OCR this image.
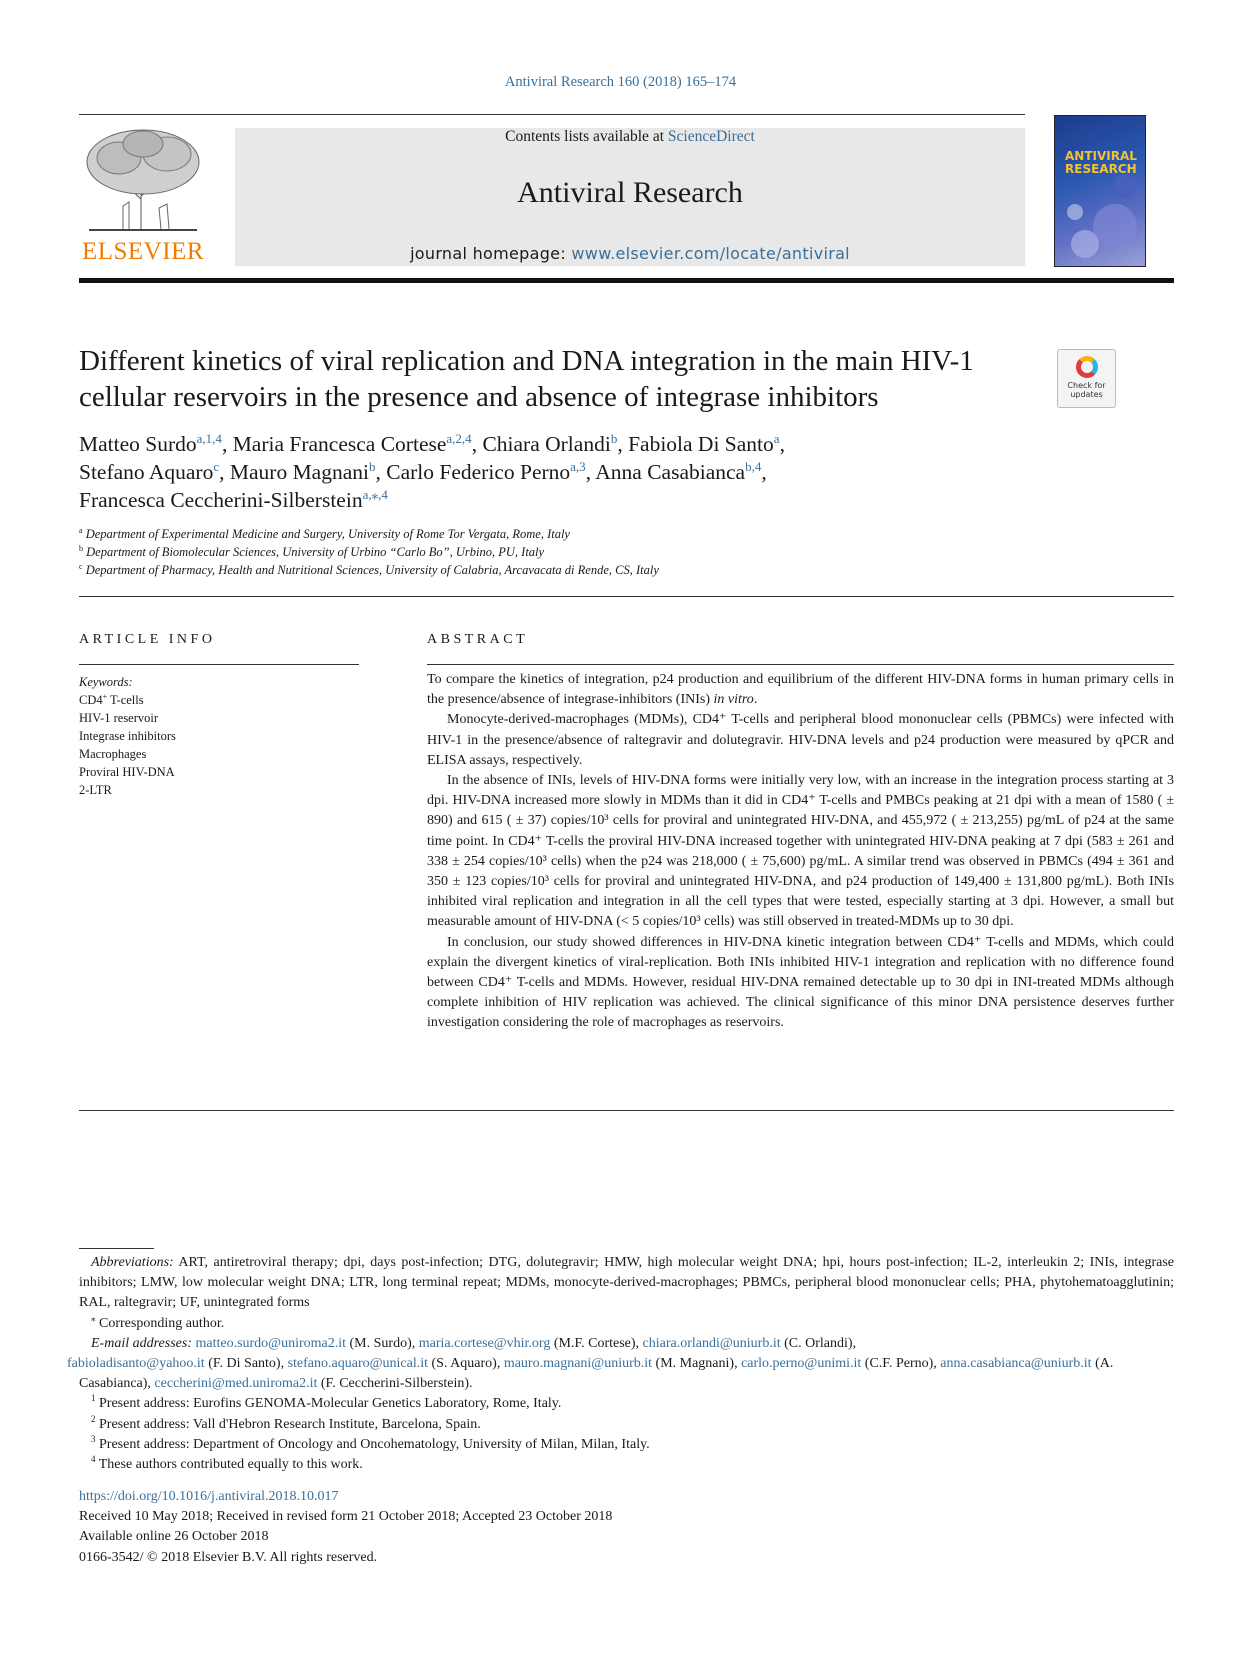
Antiviral Research 160 (2018) 165–174
ELSEVIER
Contents lists available at ScienceDirect
Antiviral Research
journal homepage: www.elsevier.com/locate/antiviral
ANTIVIRAL
RESEARCH
Different kinetics of viral replication and DNA integration in the main HIV-1 cellular reservoirs in the presence and absence of integrase inhibitors	Check for
updates
Matteo Surdo$^{a,1,4}$, Maria Francesca Cortese$^{a,2,4}$, Chiara Orlandi$^b$, Fabiola Di Santo$^a$,
Stefano Aquaro$^c$, Mauro Magnani$^b$, Carlo Federico Perno$^{a,3}$, Anna Casabianca$^{b,4}$,
Francesca Ceccherini-Silberstein$^{a,⁎,4}$
$^a$ Department of Experimental Medicine and Surgery, University of Rome Tor Vergata, Rome, Italy
$^b$ Department of Biomolecular Sciences, University of Urbino “Carlo Bo”, Urbino, PU, Italy
$^c$ Department of Pharmacy, Health and Nutritional Sciences, University of Calabria, Arcavacata di Rende, CS, Italy
ARTICLE INFO
Keywords:
CD4+ T-cells
HIV-1 reservoir
Integrase inhibitors
Macrophages
Proviral HIV-DNA
2-LTR
ABSTRACT

To compare the kinetics of integration, p24 production and equilibrium of the different HIV-DNA forms in human primary cells in the presence/absence of integrase-inhibitors (INIs) in vitro.

Monocyte-derived-macrophages (MDMs), CD4⁺ T-cells and peripheral blood mononuclear cells (PBMCs) were infected with HIV-1 in the presence/absence of raltegravir and dolutegravir. HIV-DNA levels and p24 production were measured by qPCR and ELISA assays, respectively.

In the absence of INIs, levels of HIV-DNA forms were initially very low, with an increase in the integration process starting at 3 dpi. HIV-DNA increased more slowly in MDMs than it did in CD4⁺ T-cells and PMBCs peaking at 21 dpi with a mean of 1580 ( ± 890) and 615 ( ± 37) copies/10³ cells for proviral and unintegrated HIV-DNA, and 455,972 ( ± 213,255) pg/mL of p24 at the same time point. In CD4⁺ T-cells the proviral HIV-DNA increased together with unintegrated HIV-DNA peaking at 7 dpi (583 ± 261 and 338 ± 254 copies/10³ cells) when the p24 was 218,000 ( ± 75,600) pg/mL. A similar trend was observed in PBMCs (494 ± 361 and 350 ± 123 copies/10³ cells for proviral and unintegrated HIV-DNA, and p24 production of 149,400 ± 131,800 pg/mL). Both INIs inhibited viral replication and integration in all the cell types that were tested, especially starting at 3 dpi. However, a small but measurable amount of HIV-DNA (< 5 copies/10³ cells) was still observed in treated-MDMs up to 30 dpi.

In conclusion, our study showed differences in HIV-DNA kinetic integration between CD4⁺ T-cells and MDMs, which could explain the divergent kinetics of viral-replication. Both INIs inhibited HIV-1 integration and replication with no difference found between CD4⁺ T-cells and MDMs. However, residual HIV-DNA remained detectable up to 30 dpi in INI-treated MDMs although complete inhibition of HIV replication was achieved. The clinical significance of this minor DNA persistence deserves further investigation considering the role of macrophages as reservoirs.

Abbreviations: ART, antiretroviral therapy; dpi, days post-infection; DTG, dolutegravir; HMW, high molecular weight DNA; hpi, hours post-infection; IL-2, interleukin 2; INIs, integrase inhibitors; LMW, low molecular weight DNA; LTR, long terminal repeat; MDMs, monocyte-derived-macrophages; PBMCs, peripheral blood mononuclear cells; PHA, phytohematoagglutinin; RAL, raltegravir; UF, unintegrated forms

⁎ Corresponding author.

E-mail addresses: matteo.surdo@uniroma2.it (M. Surdo), maria.cortese@vhir.org (M.F. Cortese), chiara.orlandi@uniurb.it (C. Orlandi),
fabioladisanto@yahoo.it (F. Di Santo), stefano.aquaro@unical.it (S. Aquaro), mauro.magnani@uniurb.it (M. Magnani), carlo.perno@unimi.it (C.F. Perno), anna.casabianca@uniurb.it (A. Casabianca), ceccherini@med.uniroma2.it (F. Ceccherini-Silberstein).

$^1$ Present address: Eurofins GENOMA-Molecular Genetics Laboratory, Rome, Italy.

$^2$ Present address: Vall d'Hebron Research Institute, Barcelona, Spain.

$^3$ Present address: Department of Oncology and Oncohematology, University of Milan, Milan, Italy.

$^4$ These authors contributed equally to this work.

https://doi.org/10.1016/j.antiviral.2018.10.017
Received 10 May 2018; Received in revised form 21 October 2018; Accepted 23 October 2018
Available online 26 October 2018
0166-3542/ © 2018 Elsevier B.V. All rights reserved.
